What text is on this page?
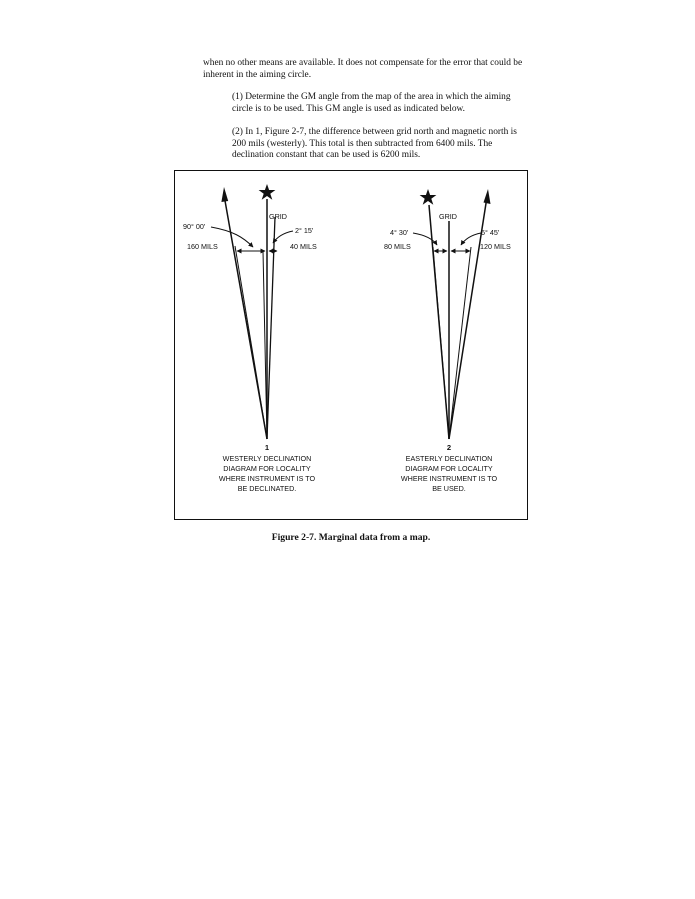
when no other means are available. It does not compensate for the error that could be inherent in the aiming circle.
(1) Determine the GM angle from the map of the area in which the aiming circle is to be used. This GM angle is used as indicated below.
(2) In 1, Figure 2-7, the difference between grid north and magnetic north is 200 mils (westerly). This total is then subtracted from 6400 mils. The declination constant that can be used is 6200 mils.
GRID
90° 00'	2° 15'
160 MILS	40 MILS
1
WESTERLY DECLINATION
DIAGRAM FOR LOCALITY
WHERE INSTRUMENT IS TO
BE DECLINATED.
GRID
4° 30'	6° 45'
80 MILS	120 MILS
2
EASTERLY DECLINATION
DIAGRAM FOR LOCALITY
WHERE INSTRUMENT IS TO
BE USED.
Figure 2-7. Marginal data from a map.
